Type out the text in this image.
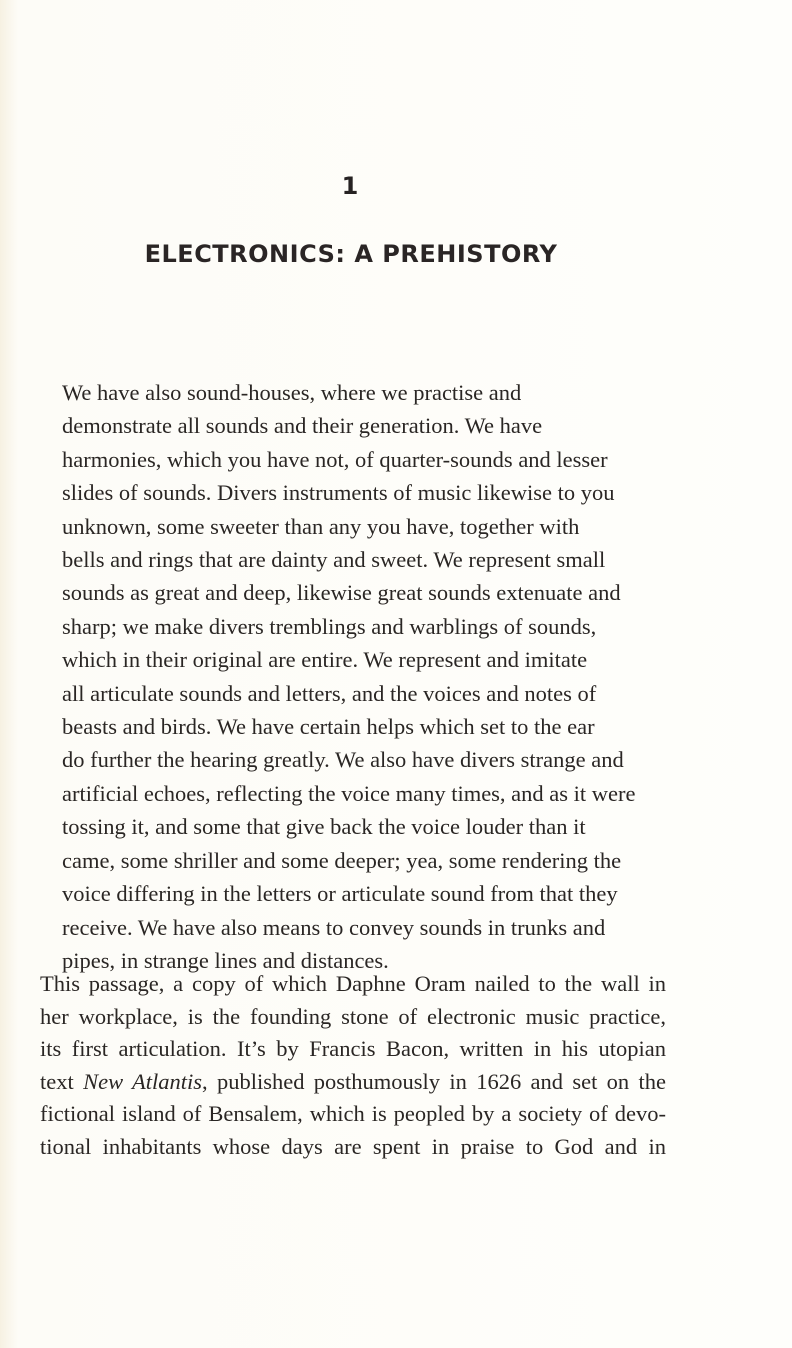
1
ELECTRONICS: A PREHISTORY
We have also sound-houses, where we practise and
demonstrate all sounds and their generation. We have
harmonies, which you have not, of quarter-sounds and lesser
slides of sounds. Divers instruments of music likewise to you
unknown, some sweeter than any you have, together with
bells and rings that are dainty and sweet. We represent small
sounds as great and deep, likewise great sounds extenuate and
sharp; we make divers tremblings and warblings of sounds,
which in their original are entire. We represent and imitate
all articulate sounds and letters, and the voices and notes of
beasts and birds. We have certain helps which set to the ear
do further the hearing greatly. We also have divers strange and
artificial echoes, reflecting the voice many times, and as it were
tossing it, and some that give back the voice louder than it
came, some shriller and some deeper; yea, some rendering the
voice differing in the letters or articulate sound from that they
receive. We have also means to convey sounds in trunks and
pipes, in strange lines and distances.
This passage, a copy of which Daphne Oram nailed to the wall in
her workplace, is the founding stone of electronic music practice,
its first articulation. It’s by Francis Bacon, written in his utopian
text New Atlantis, published posthumously in 1626 and set on the
fictional island of Bensalem, which is peopled by a society of devo-
tional inhabitants whose days are spent in praise to God and in
